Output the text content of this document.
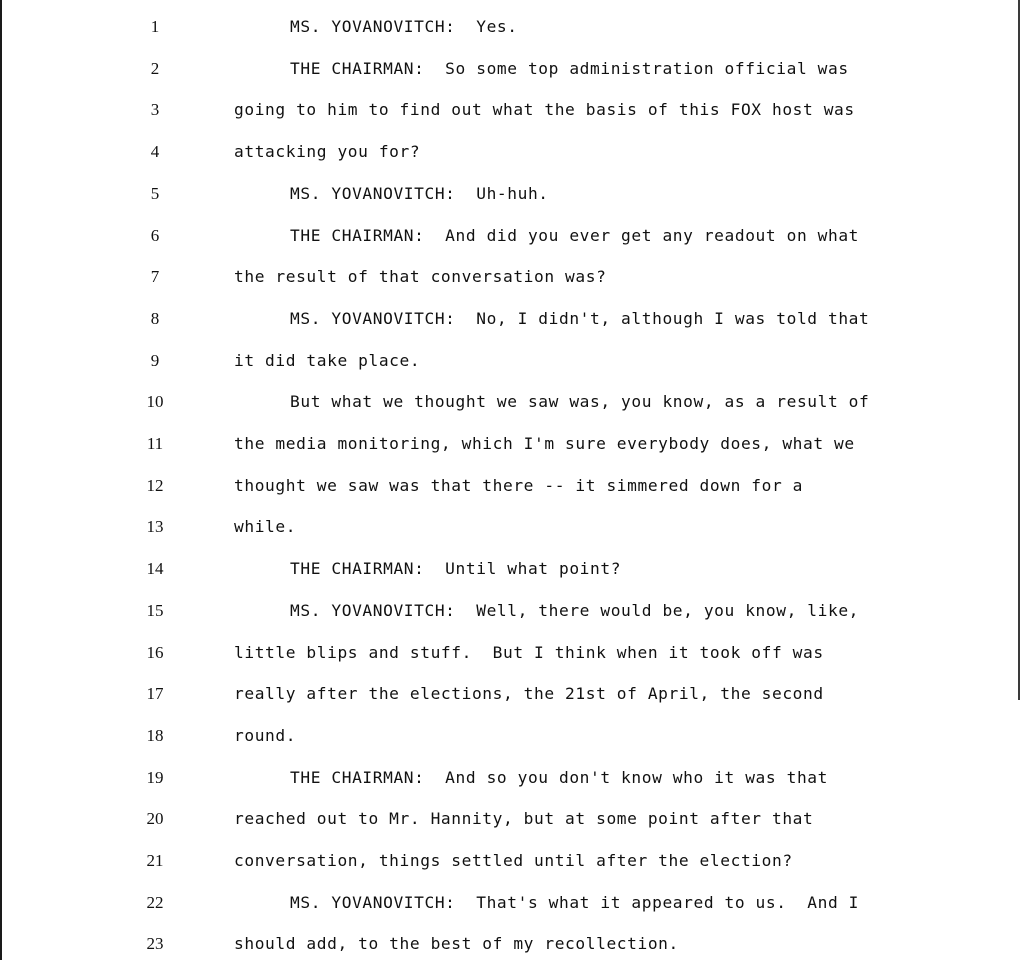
1	MS. YOVANOVITCH:  Yes.
2	THE CHAIRMAN:  So some top administration official was
3	going to him to find out what the basis of this FOX host was
4	attacking you for?
5	MS. YOVANOVITCH:  Uh-huh.
6	THE CHAIRMAN:  And did you ever get any readout on what
7	the result of that conversation was?
8	MS. YOVANOVITCH:  No, I didn't, although I was told that
9	it did take place.
10	But what we thought we saw was, you know, as a result of
11	the media monitoring, which I'm sure everybody does, what we
12	thought we saw was that there -- it simmered down for a
13	while.
14	THE CHAIRMAN:  Until what point?
15	MS. YOVANOVITCH:  Well, there would be, you know, like,
16	little blips and stuff.  But I think when it took off was
17	really after the elections, the 21st of April, the second
18	round.
19	THE CHAIRMAN:  And so you don't know who it was that
20	reached out to Mr. Hannity, but at some point after that
21	conversation, things settled until after the election?
22	MS. YOVANOVITCH:  That's what it appeared to us.  And I
23	should add, to the best of my recollection.
